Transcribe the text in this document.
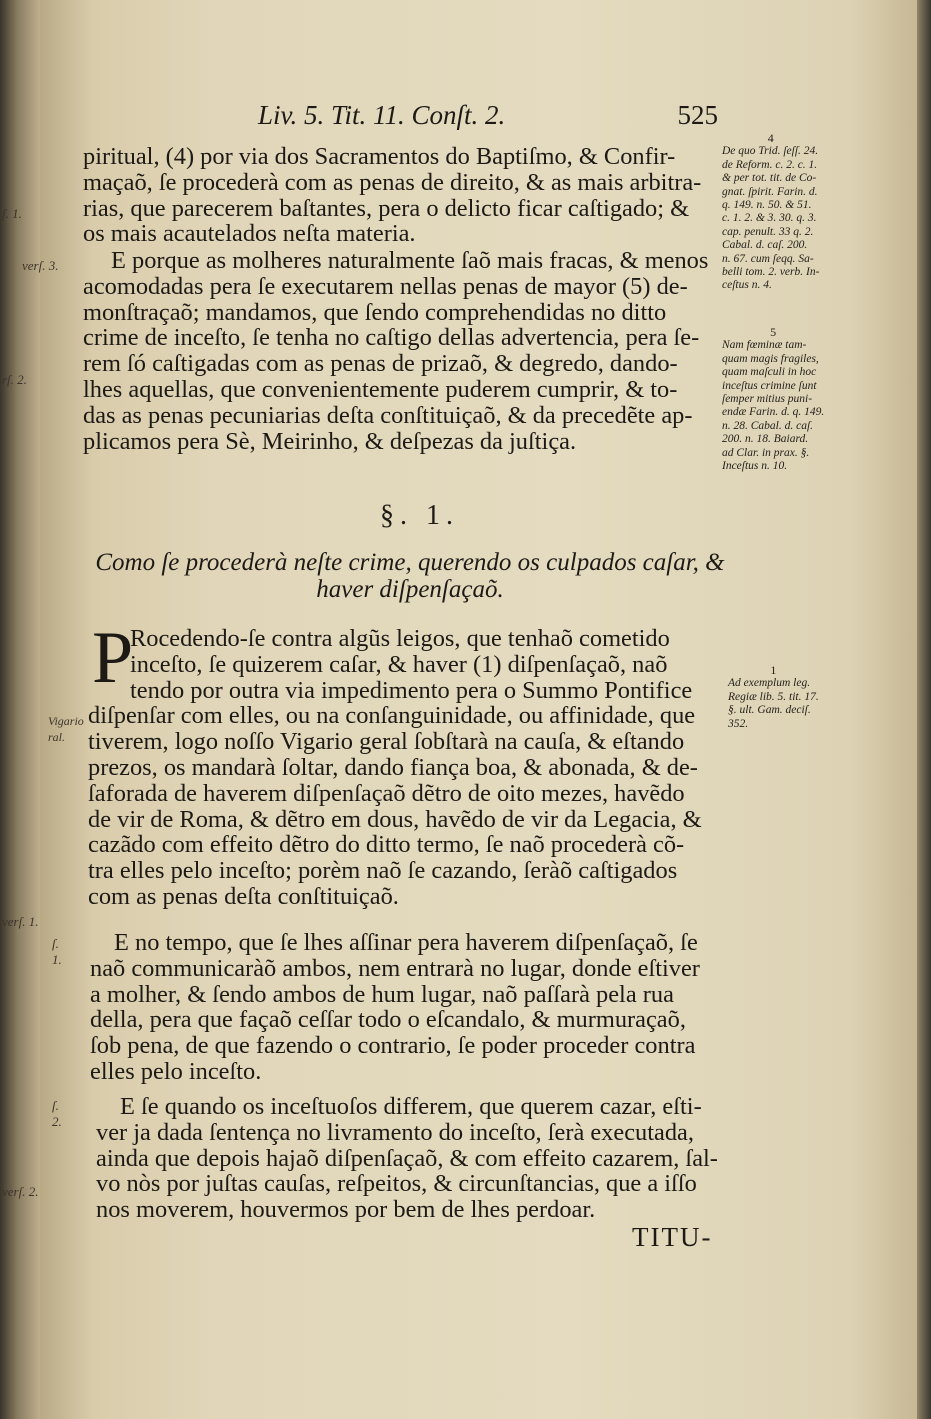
ſ. 1.
verſ. 3.
rſ. 2.
Vigario
ral.
verſ. 1.
ſ. 1.
ſ. 2.
verſ. 2.
Liv. 5. Tit. 11. Conſt. 2.	525
piritual, (4) por via dos Sacramentos do Baptiſmo, & Confir-
maçaõ, ſe procederà com as penas de direito, & as mais arbitra-
rias, que parecerem baſtantes, pera o delicto ficar caſtigado; &
os mais acautelados neſta materia.
E porque as molheres naturalmente ſaõ mais fracas, & menos
acomodadas pera ſe executarem nellas penas de mayor (5) de-
monſtraçaõ; mandamos, que ſendo comprehendidas no ditto
crime de inceſto, ſe tenha no caſtigo dellas advertencia, pera ſe-
rem ſó caſtigadas com as penas de prizaõ, & degredo, dando-
lhes aquellas, que convenientemente puderem cumprir, & to-
das as penas pecuniarias deſta conſtituiçaõ, & da precedẽte ap-
plicamos pera Sè, Meirinho, & deſpezas da juſtiça.
4
De quo Trid. ſeſſ. 24.
de Reform. c. 2. c. 1.
& per tot. tit. de Co-
gnat. ſpirit. Farin. d.
q. 149. n. 50. & 51.
c. 1. 2. & 3. 30. q. 3.
cap. penult. 33 q. 2.
Cabal. d. caſ. 200.
n. 67. cum ſeqq. Sa-
belli tom. 2. verb. In-
ceſtus n. 4.
5
Nam fœminæ tam-
quam magis fragiles,
quam maſculi in hoc
inceſtus crimine ſunt
ſemper mitius puni-
endæ Farin. d. q. 149.
n. 28. Cabal. d. caſ.
200. n. 18. Baiard.
ad Clar. in prax. §.
Inceſtus n. 10.
§. 1.
Como ſe procederà neſte crime, querendo os culpados caſar, &
haver diſpenſaçaõ.
P
Rocedendo-ſe contra algũs leigos, que tenhaõ cometido
inceſto, ſe quizerem caſar, & haver (1) diſpenſaçaõ, naõ
tendo por outra via impedimento pera o Summo Pontifice
diſpenſar com elles, ou na conſanguinidade, ou affinidade, que
tiverem, logo noſſo Vigario geral ſobſtarà na cauſa, & eſtando
prezos, os mandarà ſoltar, dando fiança boa, & abonada, & de-
ſaforada de haverem diſpenſaçaõ dẽtro de oito mezes, havẽdo
de vir de Roma, & dẽtro em dous, havẽdo de vir da Legacia, &
cazãdo com effeito dẽtro do ditto termo, ſe naõ procederà cõ-
tra elles pelo inceſto; porèm naõ ſe cazando, ſeràõ caſtigados
com as penas deſta conſtituiçaõ.
1
Ad exemplum leg.
Regiæ lib. 5. tit. 17.
§. ult. Gam. deciſ.
352.
E no tempo, que ſe lhes aſſinar pera haverem diſpenſaçaõ, ſe
naõ communicaràõ ambos, nem entrarà no lugar, donde eſtiver
a molher, & ſendo ambos de hum lugar, naõ paſſarà pela rua
della, pera que façaõ ceſſar todo o eſcandalo, & murmuraçaõ,
ſob pena, de que fazendo o contrario, ſe poder proceder contra
elles pelo inceſto.
E ſe quando os inceſtuoſos differem, que querem cazar, eſti-
ver ja dada ſentença no livramento do inceſto, ſerà executada,
ainda que depois hajaõ diſpenſaçaõ, & com effeito cazarem, ſal-
vo nòs por juſtas cauſas, reſpeitos, & circunſtancias, que a iſſo
nos moverem, houvermos por bem de lhes perdoar.
TITU-
